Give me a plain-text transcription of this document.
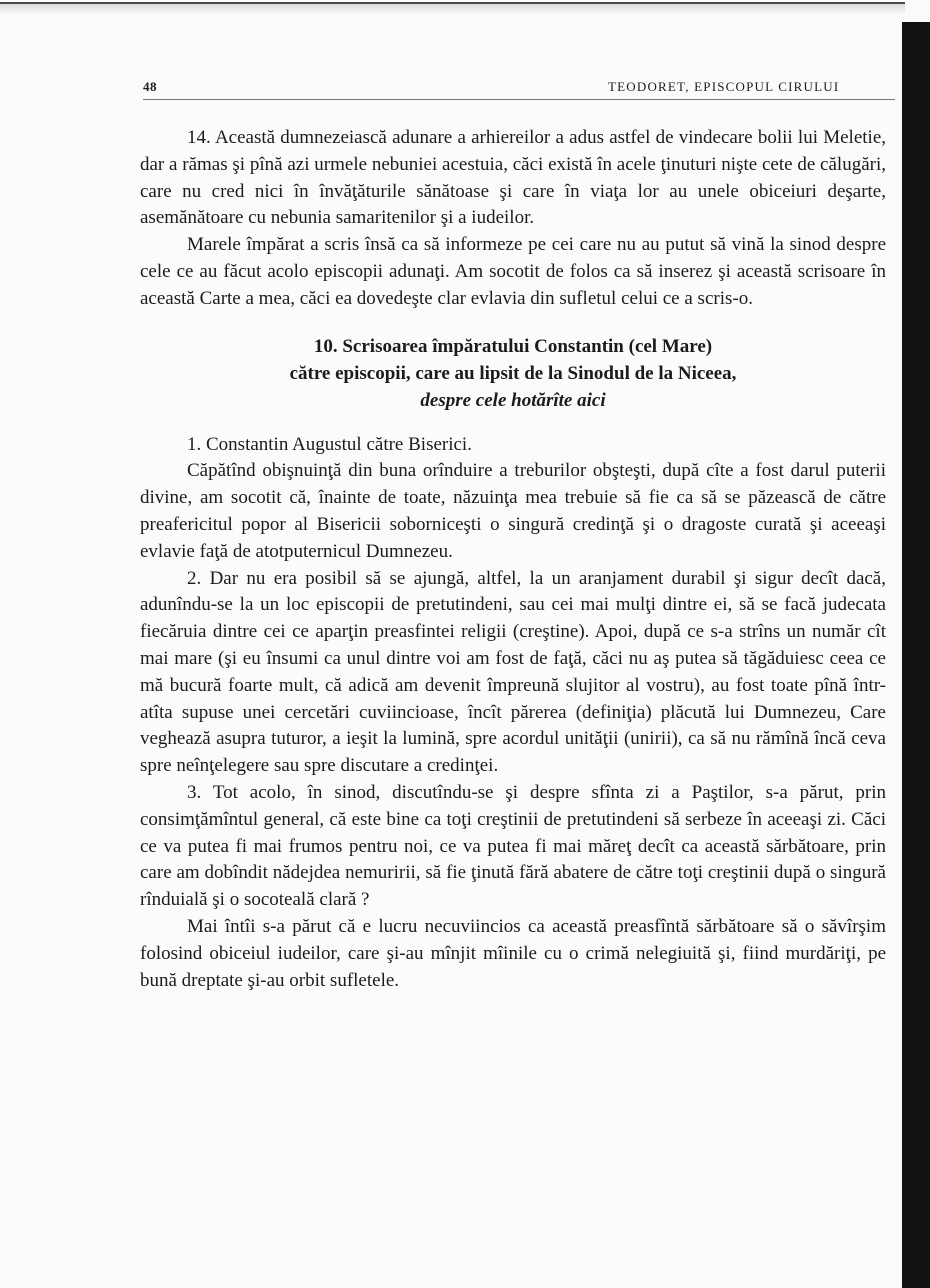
48	TEODORET, EPISCOPUL CIRULUI

14. Această dumnezeiască adunare a arhiereilor a adus astfel de vindecare bolii lui Meletie, dar a rămas şi pînă azi urmele nebuniei acestuia, căci există în acele ţinuturi nişte cete de călugări, care nu cred nici în învăţăturile sănătoase şi care în viaţa lor au unele obiceiuri deşarte, asemănătoare cu nebunia samaritenilor şi a iudeilor.

Marele împărat a scris însă ca să informeze pe cei care nu au putut să vină la sinod despre cele ce au făcut acolo episcopii adunaţi. Am socotit de folos ca să inserez şi această scrisoare în această Carte a mea, căci ea dovedeşte clar evlavia din sufletul celui ce a scris-o.

10. Scrisoarea împăratului Constantin (cel Mare)
către episcopii, care au lipsit de la Sinodul de la Niceea,
despre cele hotărîte aici

1. Constantin Augustul către Biserici.

Căpătînd obişnuinţă din buna orînduire a treburilor obşteşti, după cîte a fost darul puterii divine, am socotit că, înainte de toate, năzuinţa mea trebuie să fie ca să se păzească de către preafericitul popor al Bisericii soborniceşti o singură credinţă şi o dragoste curată şi aceeaşi evlavie faţă de atotputernicul Dumnezeu.

2. Dar nu era posibil să se ajungă, altfel, la un aranjament durabil şi sigur decît dacă, adunîndu-se la un loc episcopii de pretutindeni, sau cei mai mulţi dintre ei, să se facă judecata fiecăruia dintre cei ce aparţin preasfintei religii (creştine). Apoi, după ce s-a strîns un număr cît mai mare (şi eu însumi ca unul dintre voi am fost de faţă, căci nu aş putea să tăgăduiesc ceea ce mă bucură foarte mult, că adică am devenit împreună slujitor al vostru), au fost toate pînă într-atîta supuse unei cercetări cuviincioase, încît părerea (definiţia) plăcută lui Dumnezeu, Care veghează asupra tuturor, a ieşit la lumină, spre acordul unităţii (unirii), ca să nu rămînă încă ceva spre neînţelegere sau spre discutare a credinţei.

3. Tot acolo, în sinod, discutîndu-se şi despre sfînta zi a Paştilor, s-a părut, prin consimţămîntul general, că este bine ca toţi creştinii de pretutindeni să serbeze în aceeaşi zi. Căci ce va putea fi mai frumos pentru noi, ce va putea fi mai măreţ decît ca această sărbătoare, prin care am dobîndit nădejdea nemuririi, să fie ţinută fără abatere de către toţi creştinii după o singură rînduială şi o socoteală clară ?

Mai întîi s-a părut că e lucru necuviincios ca această preasfîntă sărbătoare să o săvîrşim folosind obiceiul iudeilor, care şi-au mînjit mîinile cu o crimă nelegiuită şi, fiind murdăriţi, pe bună dreptate şi-au orbit sufletele.
